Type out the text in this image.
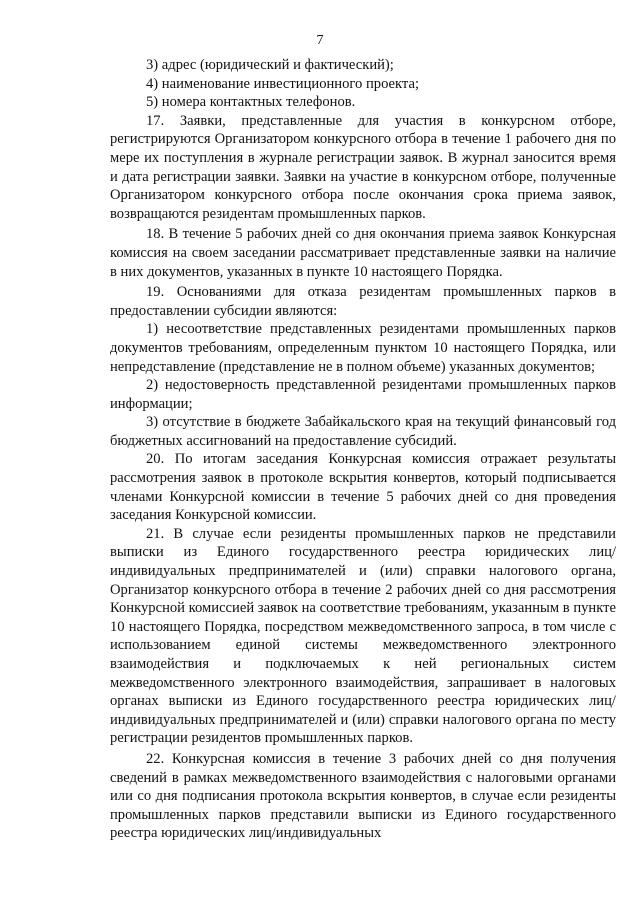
7

3) адрес (юридический и фактический);

4) наименование инвестиционного проекта;

5) номера контактных телефонов.

17. Заявки, представленные для участия в конкурсном отборе, регистрируются Организатором конкурсного отбора в течение 1 рабочего дня по мере их поступления в журнале регистрации заявок. В журнал заносится время и дата регистрации заявки. Заявки на участие в конкурсном отборе, полученные Организатором конкурсного отбора после окончания срока приема заявок, возвращаются резидентам промышленных парков.

18. В течение 5 рабочих дней со дня окончания приема заявок Конкурсная комиссия на своем заседании рассматривает представленные заявки на наличие в них документов, указанных в пункте 10 настоящего Порядка.

19. Основаниями для отказа резидентам промышленных парков в предоставлении субсидии являются:

1) несоответствие представленных резидентами промышленных парков документов требованиям, определенным пунктом 10 настоящего Порядка, или непредставление (представление не в полном объеме) указанных документов;

2) недостоверность представленной резидентами промышленных парков информации;

3) отсутствие в бюджете Забайкальского края на текущий финансовый год бюджетных ассигнований на предоставление субсидий.

20. По итогам заседания Конкурсная комиссия отражает результаты рассмотрения заявок в протоколе вскрытия конвертов, который подписывается членами Конкурсной комиссии в течение 5 рабочих дней со дня проведения заседания Конкурсной комиссии.

21. В случае если резиденты промышленных парков не представили выписки из Единого государственного реестра юридических лиц/индивидуальных предпринимателей и (или) справки налогового органа, Организатор конкурсного отбора в течение 2 рабочих дней со дня рассмотрения Конкурсной комиссией заявок на соответствие требованиям, указанным в пункте 10 настоящего Порядка, посредством межведомственного запроса, в том числе с использованием единой системы межведомственного электронного взаимодействия и подключаемых к ней региональных систем межведомственного электронного взаимодействия, запрашивает в налоговых органах выписки из Единого государственного реестра юридических лиц/индивидуальных предпринимателей и (или) справки налогового органа по месту регистрации резидентов промышленных парков.

22. Конкурсная комиссия в течение 3 рабочих дней со дня получения сведений в рамках межведомственного взаимодействия с налоговыми органами или со дня подписания протокола вскрытия конвертов, в случае если резиденты промышленных парков представили выписки из Единого государственного реестра юридических лиц/индивидуальных
